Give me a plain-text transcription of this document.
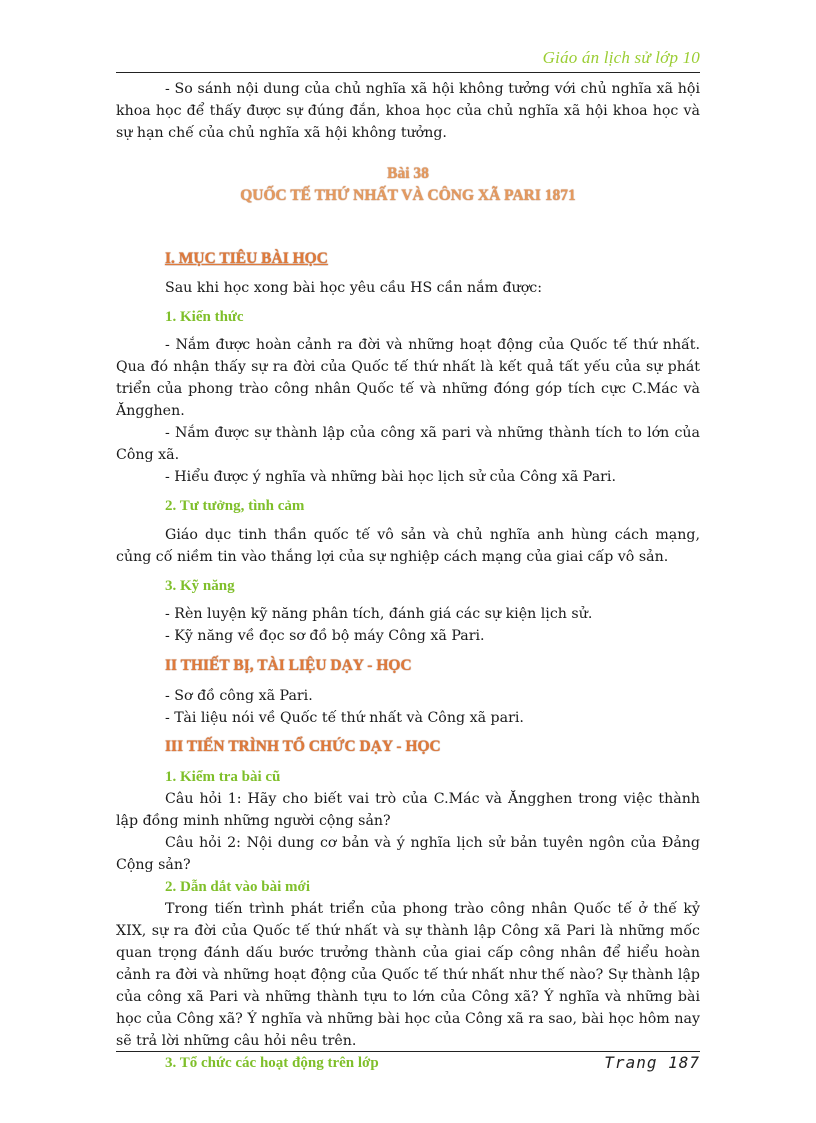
Giáo án lịch sử lớp 10

- So sánh nội dung của chủ nghĩa xã hội không tưởng với chủ nghĩa xã hội khoa học để thấy được sự đúng đắn, khoa học của chủ nghĩa xã hội khoa học và sự hạn chế của chủ nghĩa xã hội không tưởng.

Bài 38
QUỐC TẾ THỨ NHẤT VÀ CÔNG XÃ PARI 1871

I. MỤC TIÊU BÀI HỌC

Sau khi học xong bài học yêu cầu HS cần nắm được:

1. Kiến thức

- Nắm được hoàn cảnh ra đời và những hoạt động của Quốc tế thứ nhất. Qua đó nhận thấy sự ra đời của Quốc tế thứ nhất là kết quả tất yếu của sự phát triển của phong trào công nhân Quốc tế và những đóng góp tích cực C.Mác và Ăngghen.

- Nắm được sự thành lập của công xã pari và những thành tích to lớn của Công xã.

- Hiểu được ý nghĩa và những bài học lịch sử của Công xã Pari.

2. Tư tưởng, tình cảm

Giáo dục tinh thần quốc tế vô sản và chủ nghĩa anh hùng cách mạng, củng cố niềm tin vào thắng lợi của sự nghiệp cách mạng của giai cấp vô sản.

3. Kỹ năng

- Rèn luyện kỹ năng phân tích, đánh giá các sự kiện lịch sử.

- Kỹ năng về đọc sơ đồ bộ máy Công xã Pari.

II THIẾT BỊ, TÀI LIỆU DẠY - HỌC

- Sơ đồ công xã Pari.

- Tài liệu nói về Quốc tế thứ nhất và Công xã pari.

III TIẾN TRÌNH TỔ CHỨC DẠY - HỌC

1. Kiểm tra bài cũ

Câu hỏi 1: Hãy cho biết vai trò của C.Mác và Ăngghen trong việc thành lập đồng minh những người cộng sản?

Câu hỏi 2: Nội dung cơ bản và ý nghĩa lịch sử bản tuyên ngôn của Đảng Cộng sản?

2. Dẫn dắt vào bài mới

Trong tiến trình phát triển của phong trào công nhân Quốc tế ở thế kỷ XIX, sự ra đời của Quốc tế thứ nhất và sự thành lập Công xã Pari là những mốc quan trọng đánh dấu bước trưởng thành của giai cấp công nhân để hiểu hoàn cảnh ra đời và những hoạt động của Quốc tế thứ nhất như thế nào? Sự thành lập của công xã Pari và những thành tựu to lớn của Công xã? Ý nghĩa và những bài học của Công xã? Ý nghĩa và những bài học của Công xã ra sao, bài học hôm nay sẽ trả lời những câu hỏi nêu trên.

3. Tổ chức các hoạt động trên lớp	Trang 187
